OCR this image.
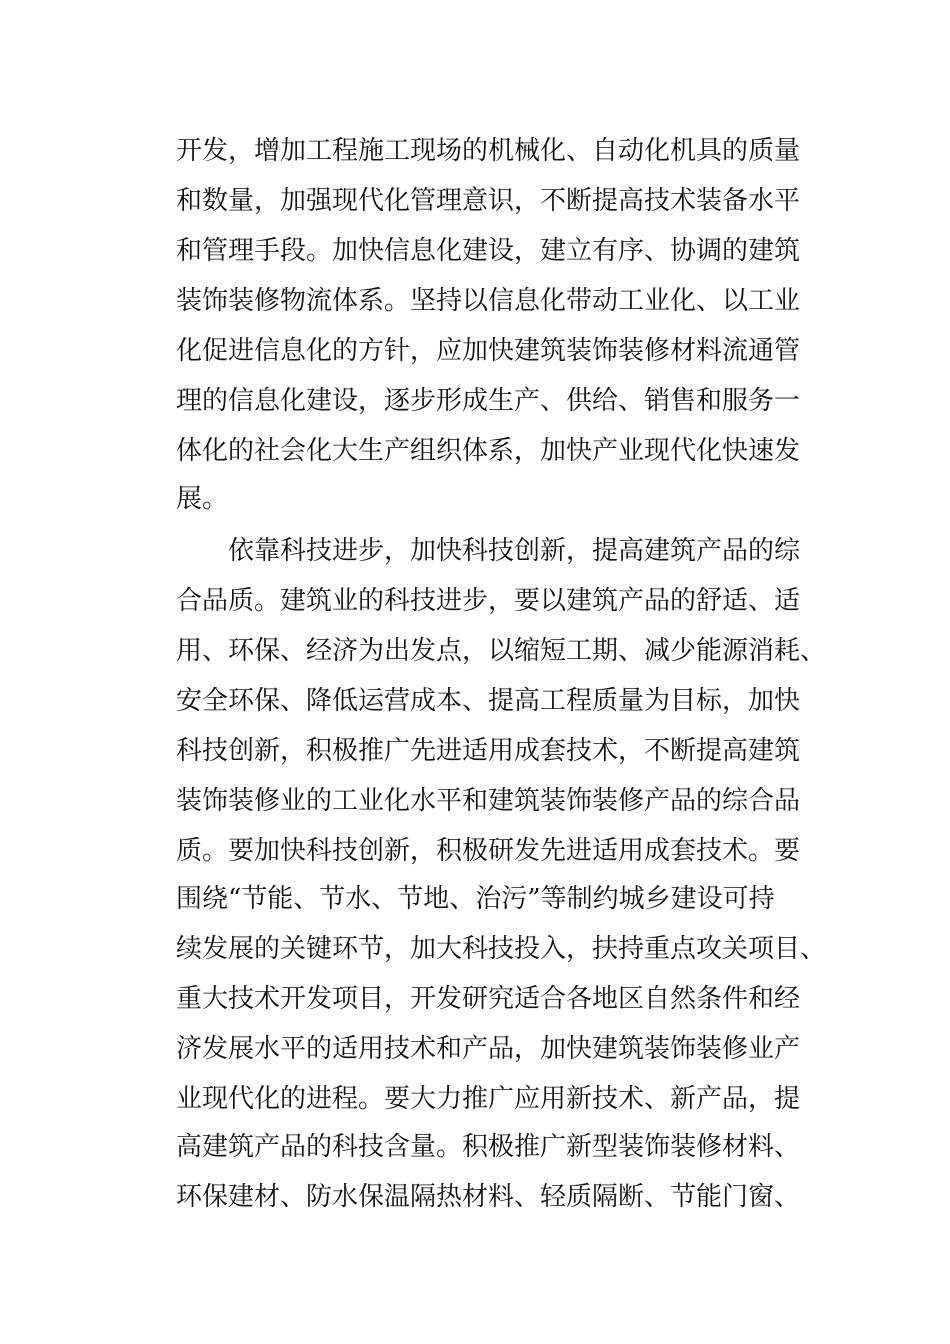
开发，增加工程施工现场的机械化、自动化机具的质量
和数量，加强现代化管理意识，不断提高技术装备水平
和管理手段。加快信息化建设，建立有序、协调的建筑
装饰装修物流体系。坚持以信息化带动工业化、以工业
化促进信息化的方针，应加快建筑装饰装修材料流通管
理的信息化建设，逐步形成生产、供给、销售和服务一
体化的社会化大生产组织体系，加快产业现代化快速发
展。
依靠科技进步，加快科技创新，提高建筑产品的综
合品质。建筑业的科技进步，要以建筑产品的舒适、适
用、环保、经济为出发点，以缩短工期、减少能源消耗、
安全环保、降低运营成本、提高工程质量为目标，加快
科技创新，积极推广先进适用成套技术，不断提高建筑
装饰装修业的工业化水平和建筑装饰装修产品的综合品
质。要加快科技创新，积极研发先进适用成套技术。要
围绕“节能、节水、节地、治污”等制约城乡建设可持
续发展的关键环节，加大科技投入，扶持重点攻关项目、
重大技术开发项目，开发研究适合各地区自然条件和经
济发展水平的适用技术和产品，加快建筑装饰装修业产
业现代化的进程。要大力推广应用新技术、新产品，提
高建筑产品的科技含量。积极推广新型装饰装修材料、
环保建材、防水保温隔热材料、轻质隔断、节能门窗、
